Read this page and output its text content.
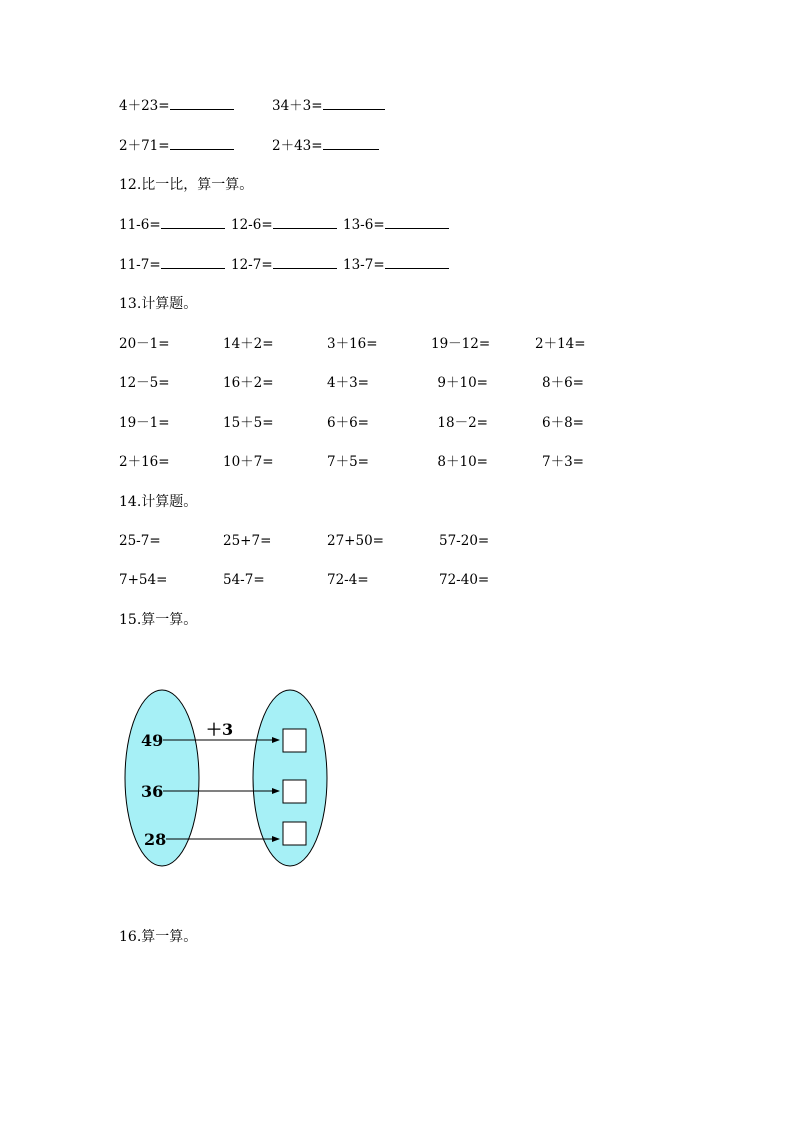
4＋23=	34＋3=
2＋71=	2＋43=
12.比一比，算一算。
11-6=	12-6=	13-6=
11-7=	12-7=	13-7=
13.计算题。
20－1=	14＋2=	3＋16=	19－12=	2＋14=
12－5=	16＋2=	4＋3=	9＋10=	8＋6=
19－1=	15＋5=	6＋6=	18－2=	6＋8=
2＋16=	10＋7=	7＋5=	8＋10=	7＋3=
14.计算题。
25-7=	25+7=	27+50=	57-20=
7+54=	54-7=	72-4=	72-40=
15.算一算。
＋3
49
36
28
16.算一算。
